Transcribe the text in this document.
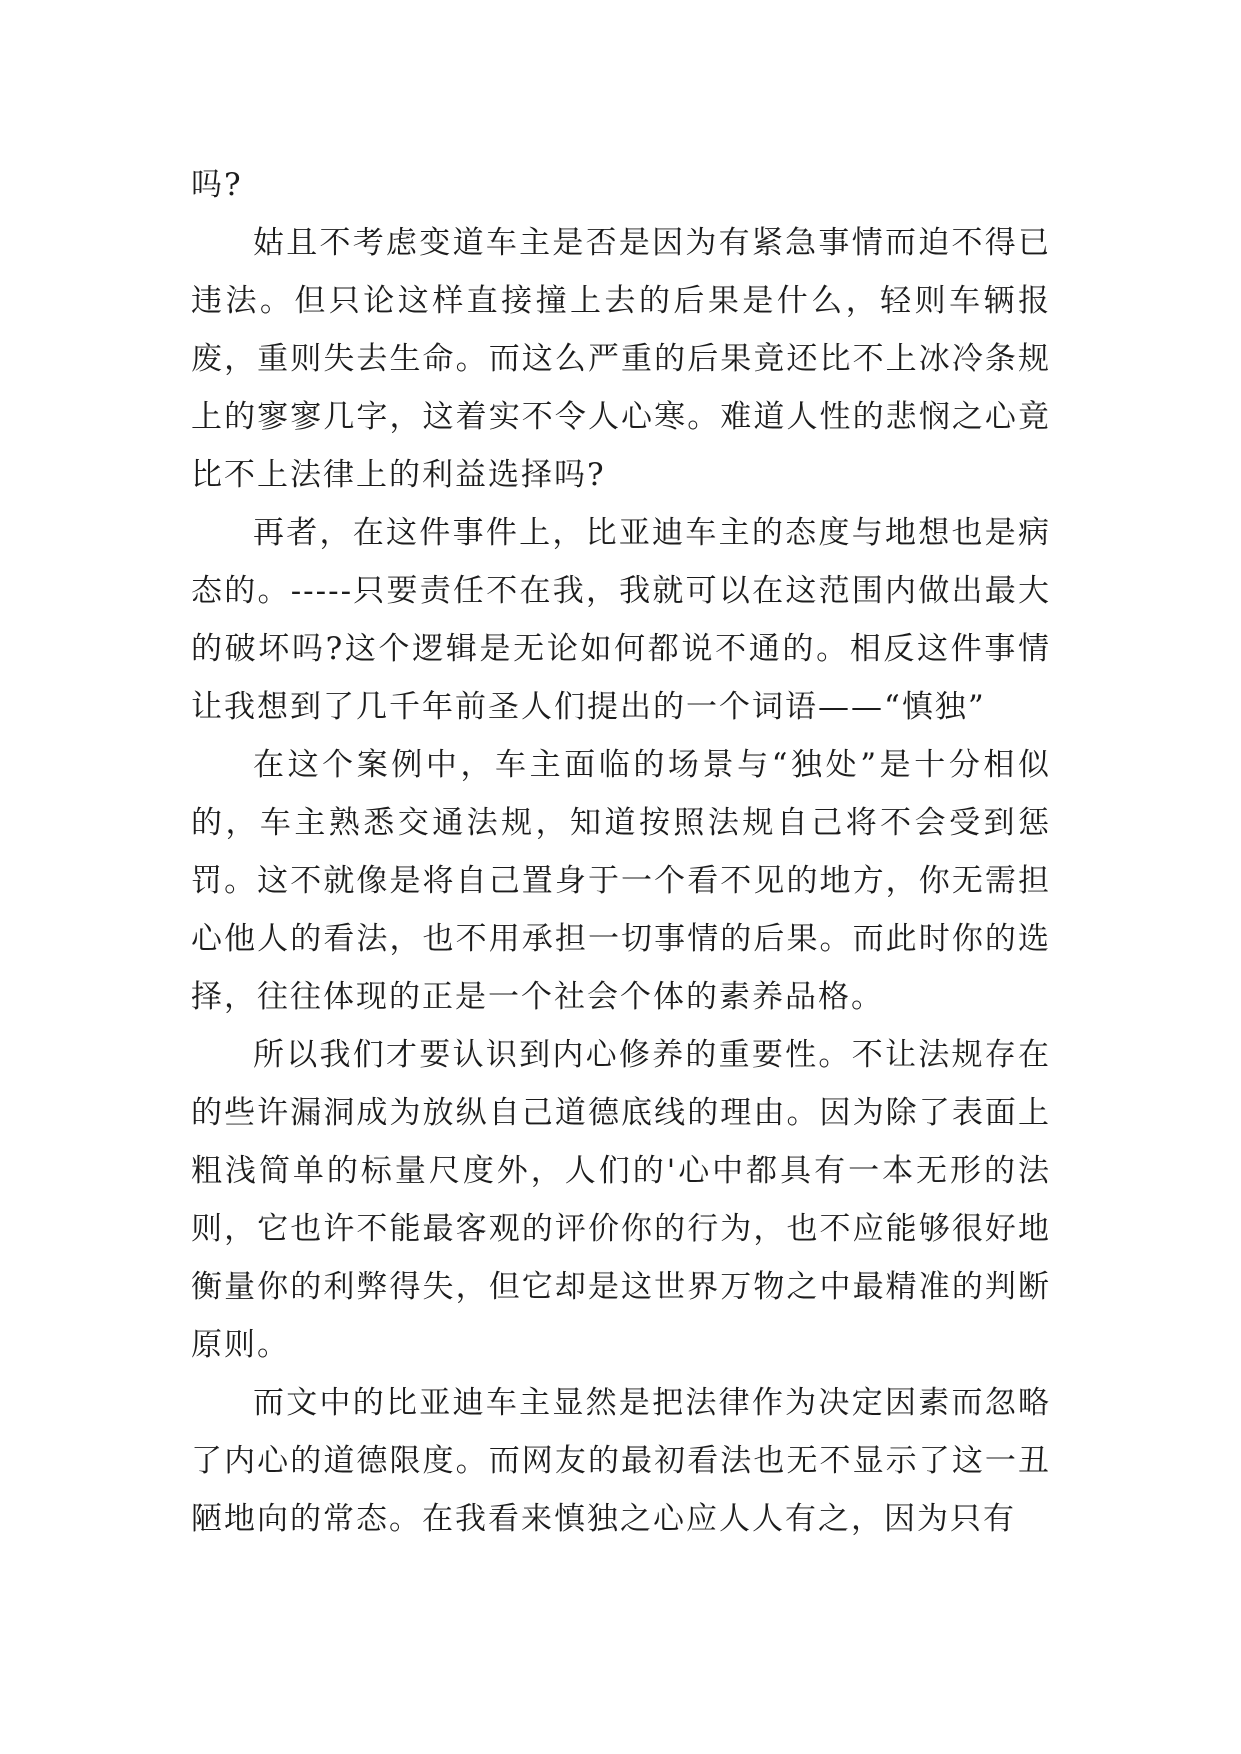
吗?

姑且不考虑变道车主是否是因为有紧急事情而迫不得已违法。但只论这样直接撞上去的后果是什么，轻则车辆报废，重则失去生命。而这么严重的后果竟还比不上冰冷条规上的寥寥几字，这着实不令人心寒。难道人性的悲悯之心竟比不上法律上的利益选择吗?

再者，在这件事件上，比亚迪车主的态度与地想也是病态的。-----只要责任不在我，我就可以在这范围内做出最大的破坏吗?这个逻辑是无论如何都说不通的。相反这件事情让我想到了几千年前圣人们提出的一个词语——“慎独”

在这个案例中，车主面临的场景与“独处”是十分相似的，车主熟悉交通法规，知道按照法规自己将不会受到惩罚。这不就像是将自己置身于一个看不见的地方，你无需担心他人的看法，也不用承担一切事情的后果。而此时你的选择，往往体现的正是一个社会个体的素养品格。

所以我们才要认识到内心修养的重要性。不让法规存在的些许漏洞成为放纵自己道德底线的理由。因为除了表面上粗浅简单的标量尺度外，人们的'心中都具有一本无形的法则，它也许不能最客观的评价你的行为，也不应能够很好地衡量你的利弊得失，但它却是这世界万物之中最精准的判断原则。

而文中的比亚迪车主显然是把法律作为决定因素而忽略了内心的道德限度。而网友的最初看法也无不显示了这一丑陋地向的常态。在我看来慎独之心应人人有之，因为只有
